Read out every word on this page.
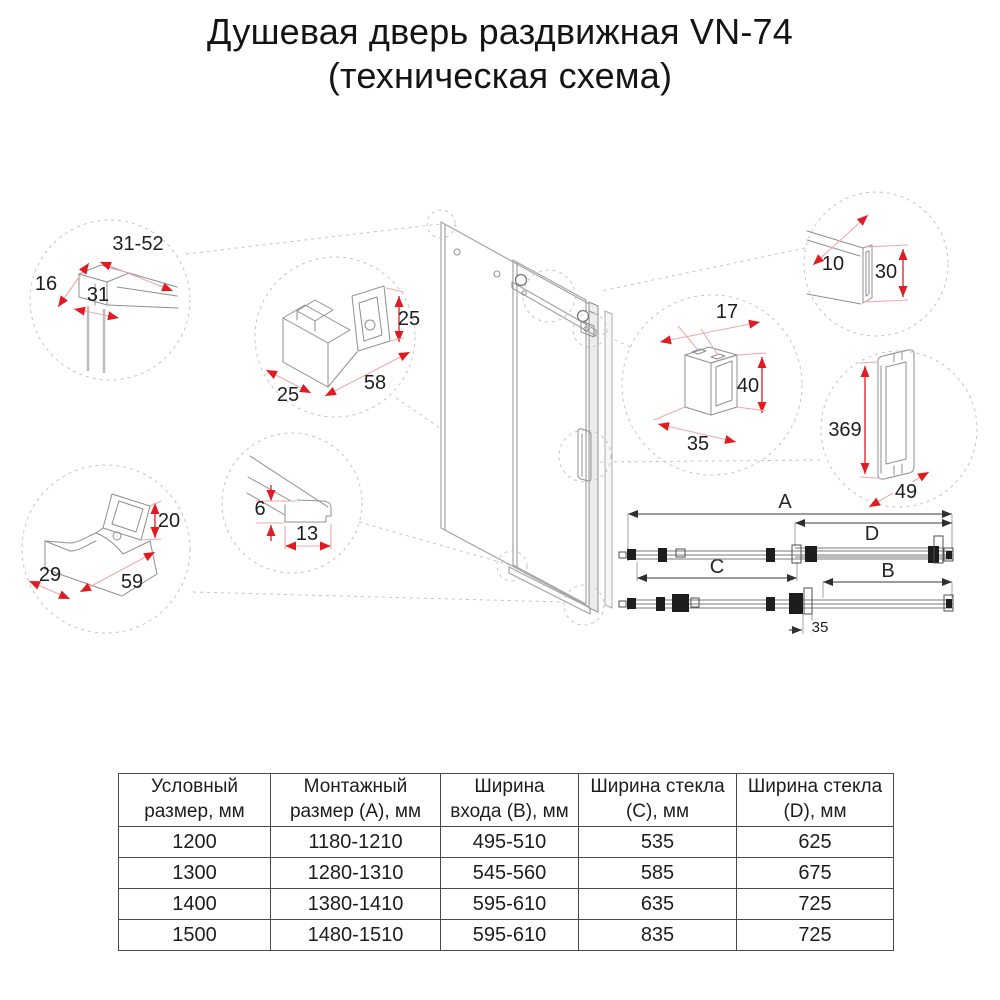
Душевая дверь раздвижная VN-74
(техническая схема)
31-52
16 31
25
58
25
20
29	59
6
13
17
40
35
10 30
369
49
A
D
C	B
35
Условный размер, мм	Монтажный размер (А), мм	Ширина входа (B), мм	Ширина стекла (C), мм	Ширина стекла (D), мм
1200	1180-1210	495-510	535	625
1300	1280-1310	545-560	585	675
1400	1380-1410	595-610	635	725
1500	1480-1510	595-610	835	725
